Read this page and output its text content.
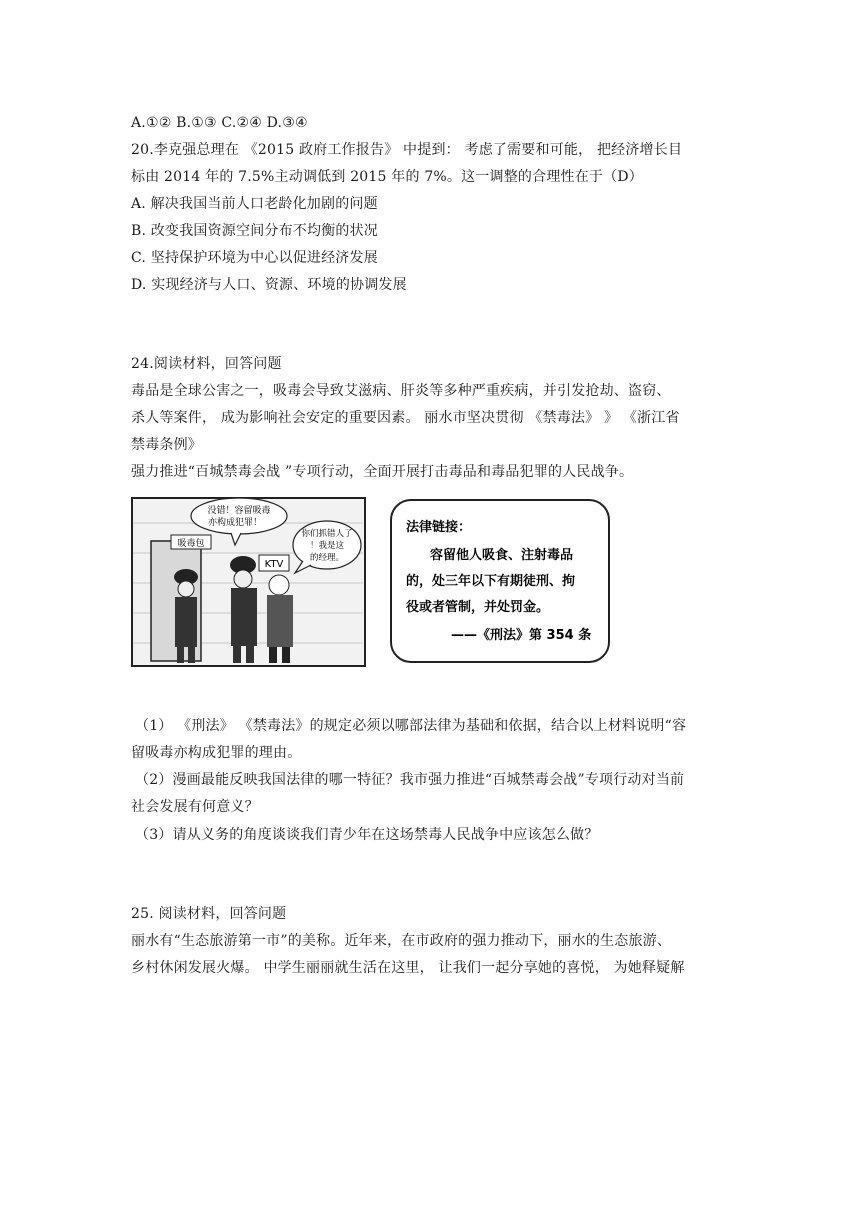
A.①② B.①③ C.②④ D.③④
20.李克强总理在 《2015 政府工作报告》 中提到： 考虑了需要和可能， 把经济增长目
标由 2014 年的 7.5%主动调低到 2015 年的 7%。这一调整的合理性在于（D）
A. 解决我国当前人口老龄化加剧的问题
B. 改变我国资源空间分布不均衡的状况
C. 坚持保护环境为中心以促进经济发展
D. 实现经济与人口、资源、环境的协调发展
24.阅读材料，回答问题
毒品是全球公害之一，吸毒会导致艾滋病、肝炎等多种严重疾病，并引发抢劫、盗窃、
杀人等案件， 成为影响社会安定的重要因素。 丽水市坚决贯彻 《禁毒法》 》 《浙江省
禁毒条例》
强力推进“百城禁毒会战 ”专项行动，全面开展打击毒品和毒品犯罪的人民战争。
吸毒包
KTV
没错！容留吸毒
亦构成犯罪！
你们抓错人了
！我是这
的经理。
法律链接：
容留他人吸食、注射毒品
的，处三年以下有期徒刑、拘
役或者管制，并处罚金。
——《刑法》第 354 条
（1） 《刑法》 《禁毒法》的规定必须以哪部法律为基础和依据，结合以上材料说明“容
留吸毒亦构成犯罪的理由。
（2）漫画最能反映我国法律的哪一特征？我市强力推进“百城禁毒会战”专项行动对当前
社会发展有何意义？
（3）请从义务的角度谈谈我们青少年在这场禁毒人民战争中应该怎么做？
25. 阅读材料，回答问题
丽水有“生态旅游第一市”的美称。近年来，在市政府的强力推动下，丽水的生态旅游、
乡村休闲发展火爆。 中学生丽丽就生活在这里， 让我们一起分享她的喜悦， 为她释疑解
